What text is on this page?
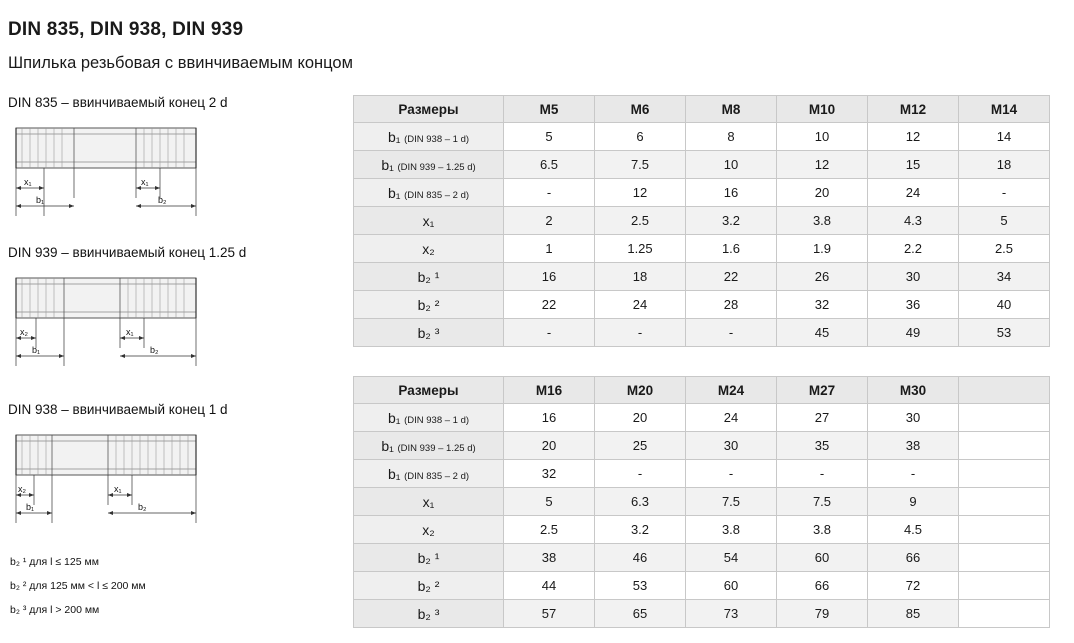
DIN 835, DIN 938, DIN 939
Шпилька резьбовая с ввинчиваемым концом
DIN 835 – ввинчиваемый конец 2 d
x₁
b₁
x₁
b₂
DIN 939 – ввинчиваемый конец 1.25 d
x₂
b₁
x₁
b₂
DIN 938 – ввинчиваемый конец 1 d
x₂
b₁
x₁
b₂
b₂ ¹ для l ≤ 125 мм
b₂ ² для 125 мм < l ≤ 200 мм
b₂ ³ для l > 200 мм
Размеры	M5	M6	M8	M10	M12	M14
b₁ (DIN 938 – 1 d)	5	6	8	10	12	14
b₁ (DIN 939 – 1.25 d)	6.5	7.5	10	12	15	18
b₁ (DIN 835 – 2 d)	-	12	16	20	24	-
x₁	2	2.5	3.2	3.8	4.3	5
x₂	1	1.25	1.6	1.9	2.2	2.5
b₂ ¹	16	18	22	26	30	34
b₂ ²	22	24	28	32	36	40
b₂ ³	-	-	-	45	49	53
Размеры	M16	M20	M24	M27	M30	
b₁ (DIN 938 – 1 d)	16	20	24	27	30	
b₁ (DIN 939 – 1.25 d)	20	25	30	35	38	
b₁ (DIN 835 – 2 d)	32	-	-	-	-	
x₁	5	6.3	7.5	7.5	9	
x₂	2.5	3.2	3.8	3.8	4.5	
b₂ ¹	38	46	54	60	66	
b₂ ²	44	53	60	66	72	
b₂ ³	57	65	73	79	85	
